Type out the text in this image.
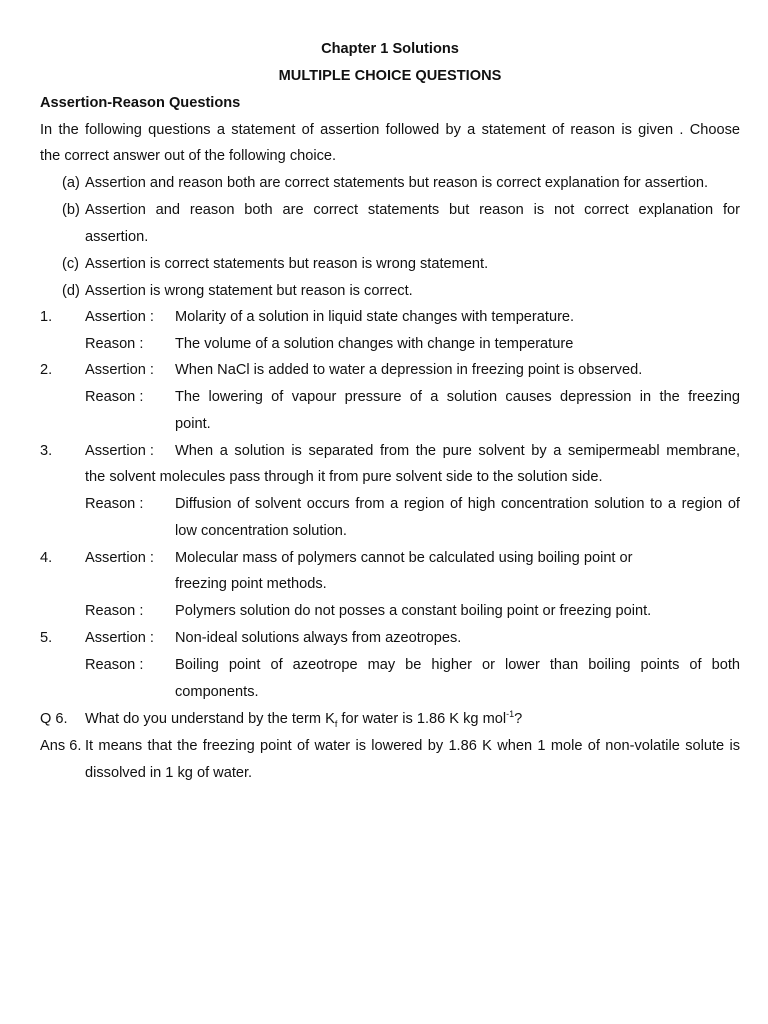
Chapter 1 Solutions
MULTIPLE CHOICE QUESTIONS
Assertion-Reason Questions
In the following questions a statement of assertion followed by a statement of reason is given . Choose
the correct answer out of the following choice.
(a) Assertion and reason both are correct statements but reason is correct explanation for assertion.
(b) Assertion and reason both are correct statements but reason is not correct explanation for
assertion.
(c) Assertion is correct statements but reason is wrong statement.
(d) Assertion is wrong statement but reason is correct.
1. Assertion : Molarity of a solution in liquid state changes with temperature.
Reason : The volume of a solution changes with change in temperature
2. Assertion : When NaCl is added to water a depression in freezing point is observed.
Reason : The lowering of vapour pressure of a solution causes depression in the freezing
point.
3. Assertion : When a solution is separated from the pure solvent by a semipermeabl membrane,
the solvent molecules pass through it from pure solvent side to the solution side.
Reason : Diffusion of solvent occurs from a region of high concentration solution to a region of
low concentration solution.
4. Assertion : Molecular mass of polymers cannot be calculated using boiling point or
freezing point methods.
Reason : Polymers solution do not posses a constant boiling point or freezing point.
5. Assertion : Non-ideal solutions always from azeotropes.
Reason : Boiling point of azeotrope may be higher or lower than boiling points of both
components.
Q 6. What do you understand by the term $K_f$ for water is 1.86 K kg mol$^{-1}$?
Ans 6. It means that the freezing point of water is lowered by 1.86 K when 1 mole of non-volatile solute is
dissolved in 1 kg of water.
